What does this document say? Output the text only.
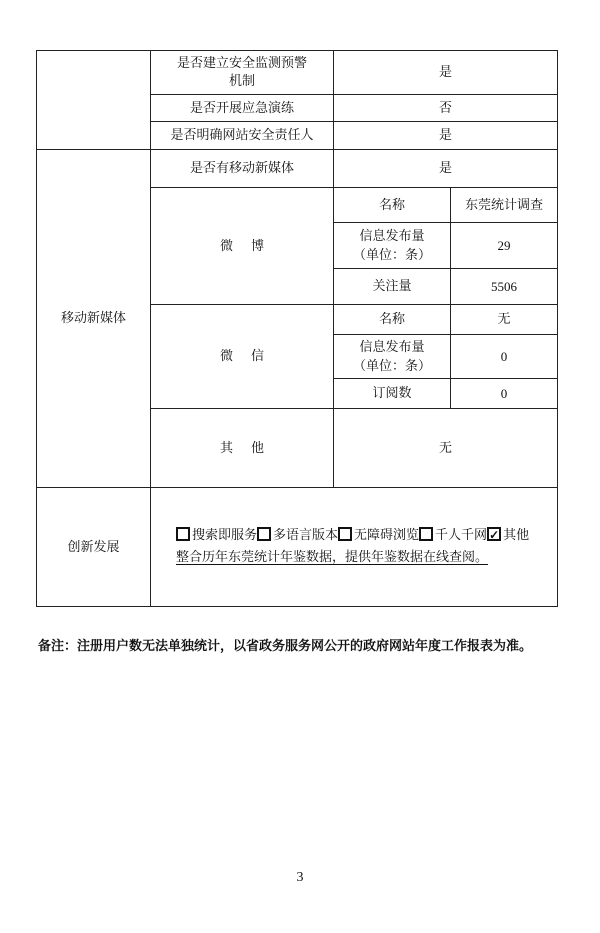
是否建立安全监测预警机制
是
是否开展应急演练	否
是否明确网站安全责任人	是
移动新媒体
是否有移动新媒体	是
微博
名称	东莞统计调查
信息发布量
（单位：条）
29
关注量	5506
微信
名称	无
信息发布量
（单位：条）
0
订阅数	0
其他	无
创新发展
搜索即服务 多语言版本 无障碍浏览 千人千网✓ 其他
整合历年东莞统计年鉴数据，提供年鉴数据在线查阅。
备注：注册用户数无法单独统计，以省政务服务网公开的政府网站年度工作报表为准。
3
